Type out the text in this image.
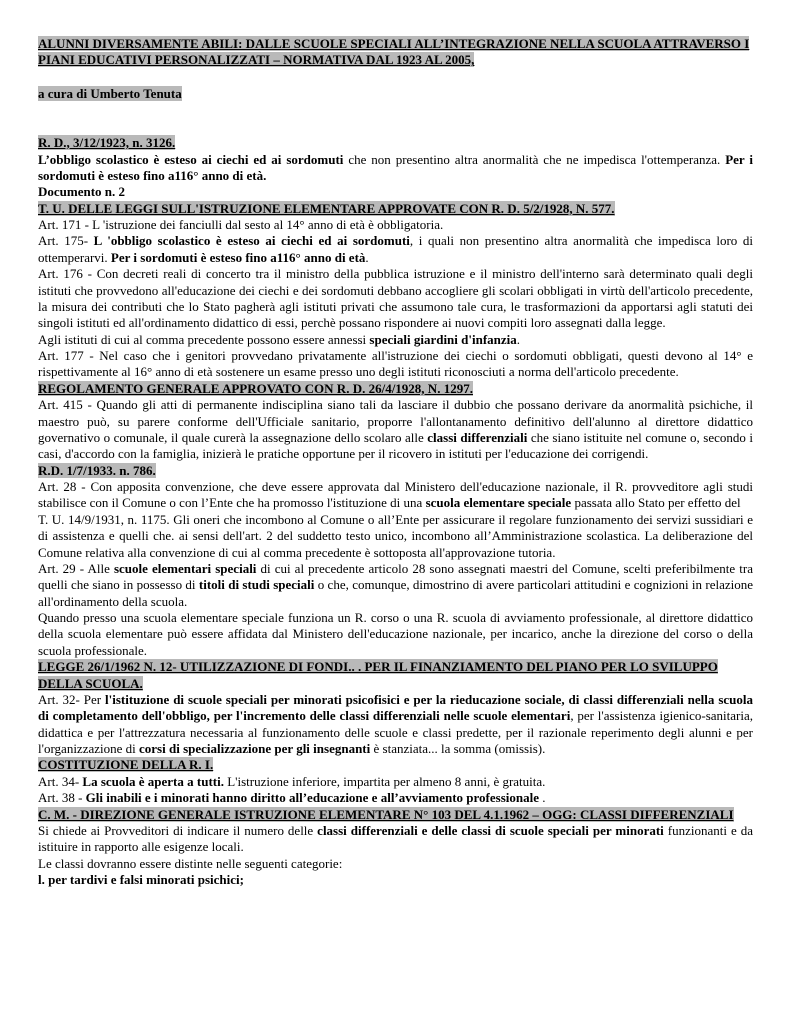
ALUNNI DIVERSAMENTE ABILI: DALLE SCUOLE SPECIALI ALL’INTEGRAZIONE NELLA SCUOLA ATTRAVERSO I PIANI EDUCATIVI PERSONALIZZATI – NORMATIVA DAL 1923 AL 2005,

a cura di Umberto Tenuta

R. D., 3/12/1923, n. 3126.

L’obbligo scolastico è esteso ai ciechi ed ai sordomuti che non presentino altra anormalità che ne impedisca l'ottemperanza. Per i sordomuti è esteso fino a116° anno di età.

Documento n. 2

T. U. DELLE LEGGI SULL'ISTRUZIONE ELEMENTARE APPROVATE CON R. D. 5/2/1928, N. 577.

Art. 171 - L 'istruzione dei fanciulli dal sesto al 14° anno di età è obbligatoria.

Art. 175- L 'obbligo scolastico è esteso ai ciechi ed ai sordomuti, i quali non presentino altra anormalità che impedisca loro di ottemperarvi. Per i sordomuti è esteso fino a116° anno di età.

Art. 176 - Con decreti reali di concerto tra il ministro della pubblica istruzione e il ministro dell'interno sarà determinato quali degli istituti che provvedono all'educazione dei ciechi e dei sordomuti debbano accogliere gli scolari obbligati in virtù dell'articolo precedente, la misura dei contributi che lo Stato pagherà agli istituti privati che assumono tale cura, le trasformazioni da apportarsi agli statuti dei singoli istituti ed all'ordinamento didattico di essi, perchè possano rispondere ai nuovi compiti loro assegnati dalla legge.

Agli istituti di cui al comma precedente possono essere annessi speciali giardini d'infanzia.

Art. 177 - Nel caso che i genitori provvedano privatamente all'istruzione dei ciechi o sordomuti obbligati, questi devono al 14° e rispettivamente al 16° anno di età sostenere un esame presso uno degli istituti riconosciuti a norma dell'articolo precedente.

REGOLAMENTO GENERALE APPROVATO CON R. D. 26/4/1928, N. 1297.

Art. 415 - Quando gli atti di permanente indisciplina siano tali da lasciare il dubbio che possano derivare da anormalità psichiche, il maestro può, su parere conforme dell'Ufficiale sanitario, proporre l'allontanamento definitivo dell'alunno al direttore didattico governativo o comunale, il quale curerà la assegnazione dello scolaro alle classi differenziali che siano istituite nel comune o, secondo i casi, d'accordo con la famiglia, inizierà le pratiche opportune per il ricovero in istituti per l'educazione dei corrigendi.

R.D. 1/7/1933. n. 786.

Art. 28 - Con apposita convenzione, che deve essere approvata dal Ministero dell'educazione nazionale, il R. provveditore agli studi stabilisce con il Comune o con l’Ente che ha promosso l'istituzione di una scuola elementare speciale passata allo Stato per effetto del

T. U. 14/9/1931, n. 1175. Gli oneri che incombono al Comune o all’Ente per assicurare il regolare funzionamento dei servizi sussidiari e di assistenza e quelli che. ai sensi dell'art. 2 del suddetto testo unico, incombono all’Amministrazione scolastica. La deliberazione del Comune relativa alla convenzione di cui al comma precedente è sottoposta all'approvazione tutoria.

Art. 29 - Alle scuole elementari speciali di cui al precedente articolo 28 sono assegnati maestri del Comune, scelti preferibilmente tra quelli che siano in possesso di titoli di studi speciali o che, comunque, dimostrino di avere particolari attitudini e cognizioni in relazione all'ordinamento della scuola.

Quando presso una scuola elementare speciale funziona un R. corso o una R. scuola di avviamento professionale, al direttore didattico della scuola elementare può essere affidata dal Ministero dell'educazione nazionale, per incarico, anche la direzione del corso o della scuola professionale.

LEGGE 26/1/1962 N. 12- UTILIZZAZIONE DI FONDI.. . PER IL FINANZIAMENTO DEL PIANO PER LO SVILUPPO DELLA SCUOLA.

Art. 32- Per l'istituzione di scuole speciali per minorati psicofisici e per la rieducazione sociale, di classi differenziali nella scuola di completamento dell'obbligo, per l'incremento delle classi differenziali nelle scuole elementari, per l'assistenza igienico-sanitaria, didattica e per l'attrezzatura necessaria al funzionamento delle scuole e classi predette, per il razionale reperimento degli alunni e per l'organizzazione di corsi di specializzazione per gli insegnanti è stanziata... la somma (omissis).

COSTITUZIONE DELLA R. I.

Art. 34- La scuola è aperta a tutti. L'istruzione inferiore, impartita per almeno 8 anni, è gratuita.

Art. 38 - Gli inabili e i minorati hanno diritto all’educazione e all’avviamento professionale .

C. M. - DIREZIONE GENERALE ISTRUZIONE ELEMENTARE N° 103 DEL 4.1.1962 – OGG: CLASSI DIFFERENZIALI

Si chiede ai Provveditori di indicare il numero delle classi differenziali e delle classi di scuole speciali per minorati funzionanti e da istituire in rapporto alle esigenze locali.

Le classi dovranno essere distinte nelle seguenti categorie:

l. per tardivi e falsi minorati psichici;
